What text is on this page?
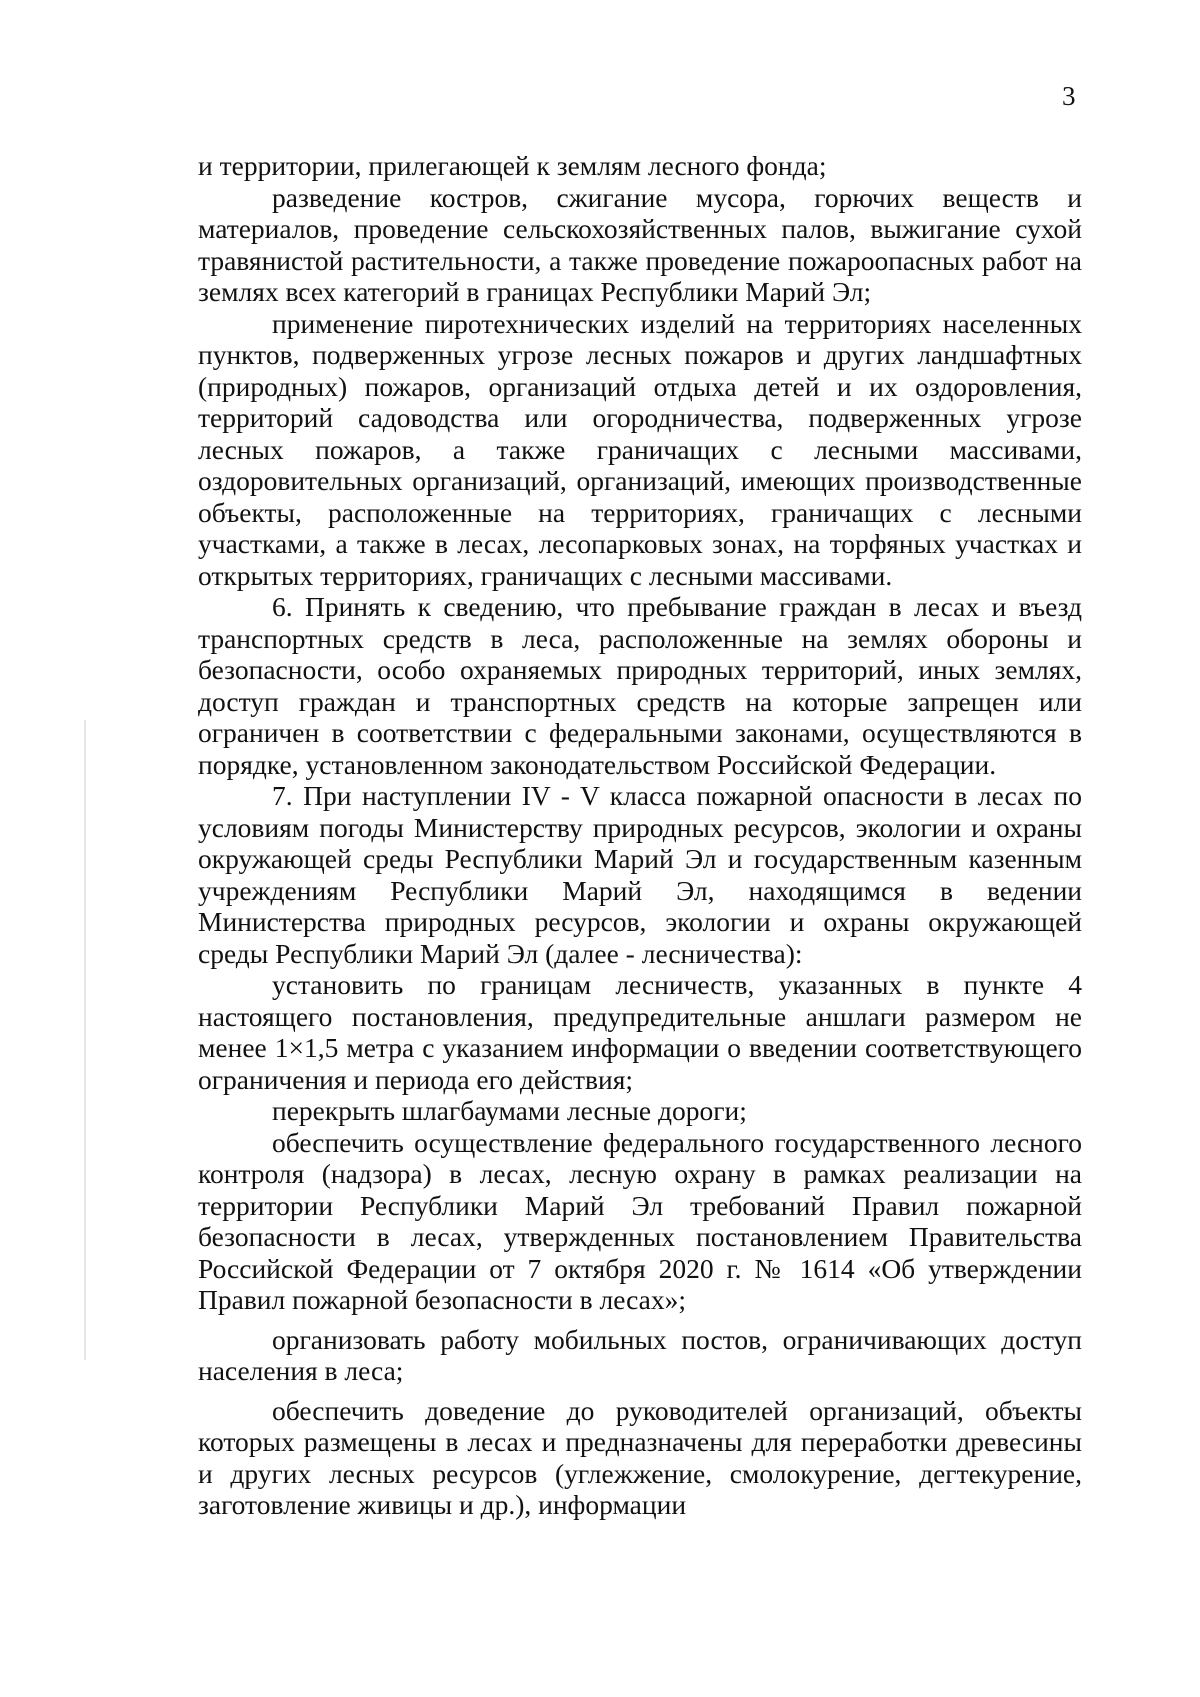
3

и территории, прилегающей к землям лесного фонда;

разведение костров, сжигание мусора, горючих веществ и материалов, проведение сельскохозяйственных палов, выжигание сухой травянистой растительности, а также проведение пожароопасных работ на землях всех категорий в границах Республики Марий Эл;

применение пиротехнических изделий на территориях населенных пунктов, подверженных угрозе лесных пожаров и других ландшафтных (природных) пожаров, организаций отдыха детей и их оздоровления, территорий садоводства или огородничества, подверженных угрозе лесных пожаров, а также граничащих с лесными массивами, оздоровительных организаций, организаций, имеющих производственные объекты, расположенные на территориях, граничащих с лесными участками, а также в лесах, лесопарковых зонах, на торфяных участках и открытых территориях, граничащих с лесными массивами.

6. Принять к сведению, что пребывание граждан в лесах и въезд транспортных средств в леса, расположенные на землях обороны и безопасности, особо охраняемых природных территорий, иных землях, доступ граждан и транспортных средств на которые запрещен или ограничен в соответствии с федеральными законами, осуществляются в порядке, установленном законодательством Российской Федерации.

7. При наступлении IV - V класса пожарной опасности в лесах по условиям погоды Министерству природных ресурсов, экологии и охраны окружающей среды Республики Марий Эл и государственным казенным учреждениям Республики Марий Эл, находящимся в ведении Министерства природных ресурсов, экологии и охраны окружающей среды Республики Марий Эл (далее - лесничества):

установить по границам лесничеств, указанных в пункте 4 настоящего постановления, предупредительные аншлаги размером не менее 1×1,5 метра с указанием информации о введении соответствующего ограничения и периода его действия;

перекрыть шлагбаумами лесные дороги;

обеспечить осуществление федерального государственного лесного контроля (надзора) в лесах, лесную охрану в рамках реализации на территории Республики Марий Эл требований Правил пожарной безопасности в лесах, утвержденных постановлением Правительства Российской Федерации от 7 октября 2020 г. № 1614 «Об утверждении Правил пожарной безопасности в лесах»;

организовать работу мобильных постов, ограничивающих доступ населения в леса;

обеспечить доведение до руководителей организаций, объекты которых размещены в лесах и предназначены для переработки древесины и других лесных ресурсов (углежжение, смолокурение, дегтекурение, заготовление живицы и др.), информации
